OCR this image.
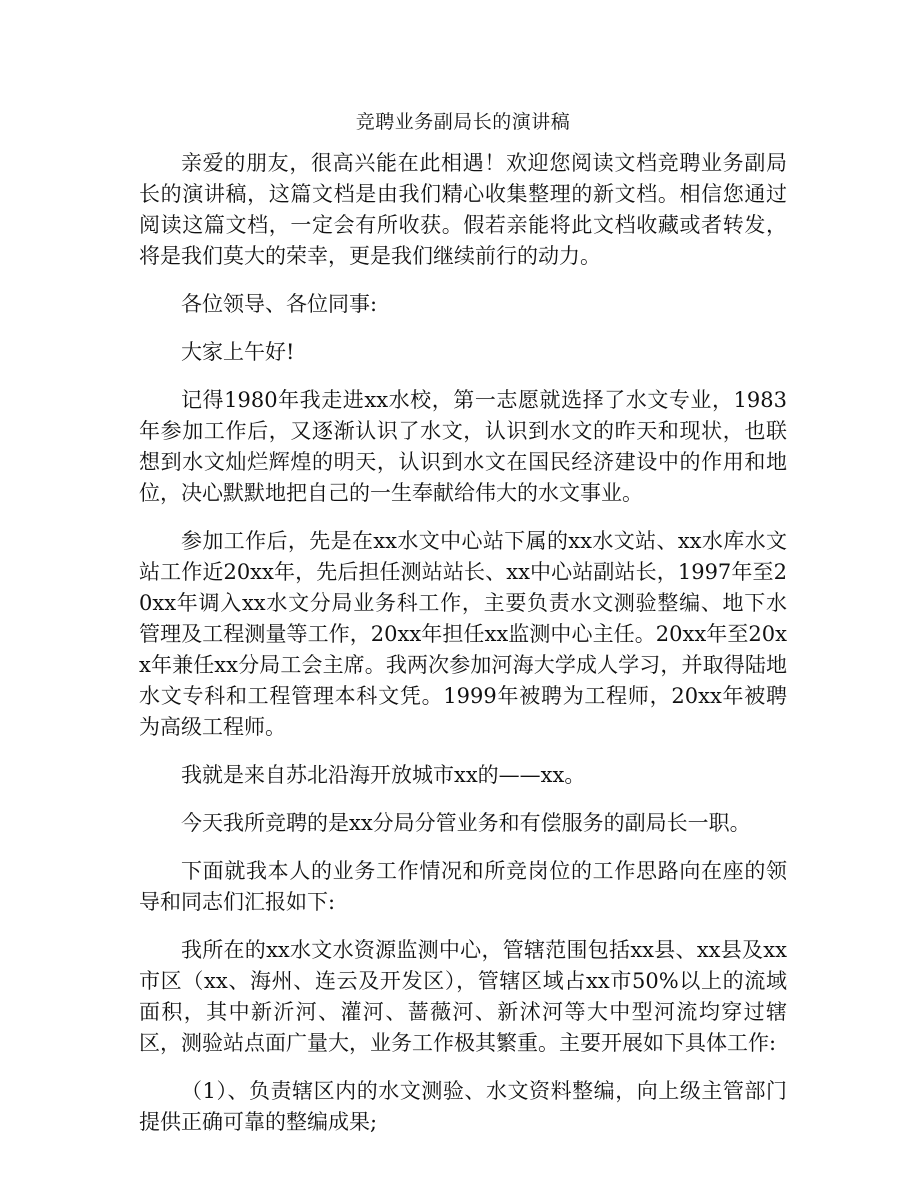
竞聘业务副局长的演讲稿

亲爱的朋友，很高兴能在此相遇！欢迎您阅读文档竞聘业务副局长的演讲稿，这篇文档是由我们精心收集整理的新文档。相信您通过阅读这篇文档，一定会有所收获。假若亲能将此文档收藏或者转发，将是我们莫大的荣幸，更是我们继续前行的动力。

各位领导、各位同事:

大家上午好!

记得1980年我走进xx水校，第一志愿就选择了水文专业，1983年参加工作后，又逐渐认识了水文，认识到水文的昨天和现状，也联想到水文灿烂辉煌的明天，认识到水文在国民经济建设中的作用和地位，决心默默地把自己的一生奉献给伟大的水文事业。

参加工作后，先是在xx水文中心站下属的xx水文站、xx水库水文站工作近20xx年，先后担任测站站长、xx中心站副站长，1997年至20xx年调入xx水文分局业务科工作，主要负责水文测验整编、地下水管理及工程测量等工作，20xx年担任xx监测中心主任。20xx年至20xx年兼任xx分局工会主席。我两次参加河海大学成人学习，并取得陆地水文专科和工程管理本科文凭。1999年被聘为工程师，20xx年被聘为高级工程师。

我就是来自苏北沿海开放城市xx的——xx。

今天我所竞聘的是xx分局分管业务和有偿服务的副局长一职。

下面就我本人的业务工作情况和所竞岗位的工作思路向在座的领导和同志们汇报如下:

我所在的xx水文水资源监测中心，管辖范围包括xx县、xx县及xx市区（xx、海州、连云及开发区），管辖区域占xx市50%以上的流域面积，其中新沂河、灌河、蔷薇河、新沭河等大中型河流均穿过辖区，测验站点面广量大，业务工作极其繁重。主要开展如下具体工作:

（1）、负责辖区内的水文测验、水文资料整编，向上级主管部门提供正确可靠的整编成果;
